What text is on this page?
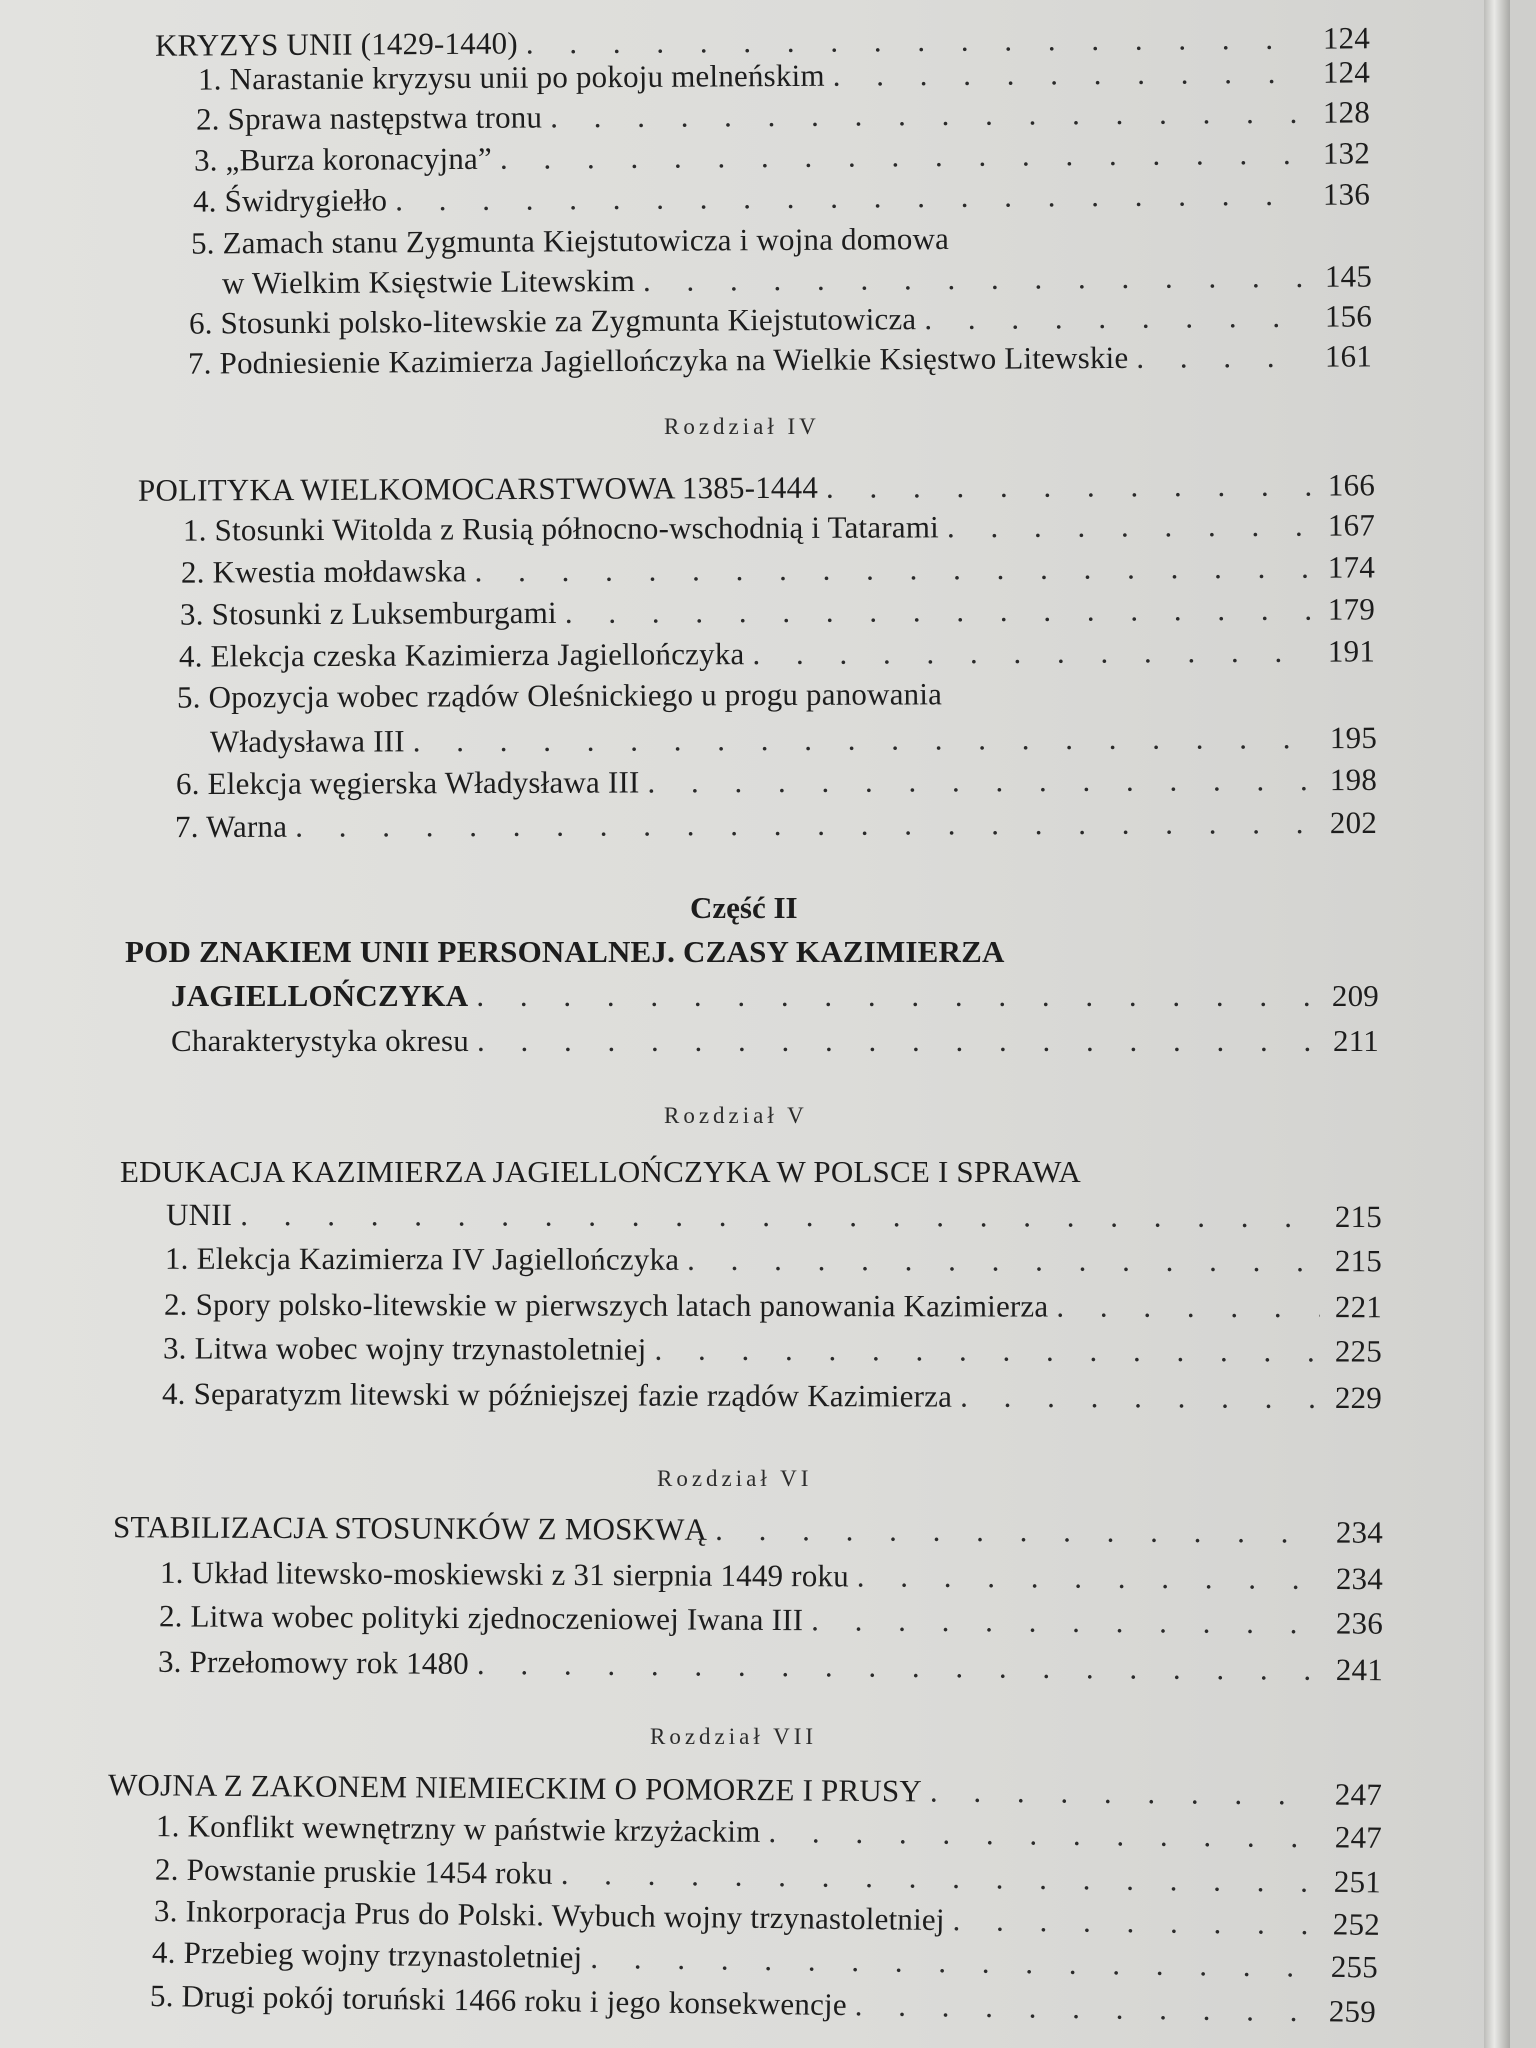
KRYZYS UNII (1429-1440) . . .	124
1. Narastanie kryzysu unii po pokoju melneńskim . . .	124
2. Sprawa następstwa tronu . . .	128
3. „Burza koronacyjna” . . .	132
4. Świdrygiełło . . .	136
5. Zamach stanu Zygmunta Kiejstutowicza i wojna domowa
w Wielkim Księstwie Litewskim . . .	145
6. Stosunki polsko-litewskie za Zygmunta Kiejstutowicza . . .	156
7. Podniesienie Kazimierza Jagiellończyka na Wielkie Księstwo Litewskie . . .	161
Rozdział IV
POLITYKA WIELKOMOCARSTWOWA 1385-1444 . . .	166
1. Stosunki Witolda z Rusią północno-wschodnią i Tatarami . . .	167
2. Kwestia mołdawska . . .	174
3. Stosunki z Luksemburgami . . .	179
4. Elekcja czeska Kazimierza Jagiellończyka . . .	191
5. Opozycja wobec rządów Oleśnickiego u progu panowania
Władysława III . . .	195
6. Elekcja węgierska Władysława III . . .	198
7. Warna . . .	202
Część II
POD ZNAKIEM UNII PERSONALNEJ. CZASY KAZIMIERZA
JAGIELLOŃCZYKA . . .	209
Charakterystyka okresu . . .	211
Rozdział V
EDUKACJA KAZIMIERZA JAGIELLOŃCZYKA W POLSCE I SPRAWA
UNII . . .	215
1. Elekcja Kazimierza IV Jagiellończyka . . .	215
2. Spory polsko-litewskie w pierwszych latach panowania Kazimierza . . .	221
3. Litwa wobec wojny trzynastoletniej . . .	225
4. Separatyzm litewski w późniejszej fazie rządów Kazimierza . . .	229
Rozdział VI
STABILIZACJA STOSUNKÓW Z MOSKWĄ . . .	234
1. Układ litewsko-moskiewski z 31 sierpnia 1449 roku . . .	234
2. Litwa wobec polityki zjednoczeniowej Iwana III . . .	236
3. Przełomowy rok 1480 . . .	241
Rozdział VII
WOJNA Z ZAKONEM NIEMIECKIM O POMORZE I PRUSY . . .	247
1. Konflikt wewnętrzny w państwie krzyżackim . . .	247
2. Powstanie pruskie 1454 roku . . .	251
3. Inkorporacja Prus do Polski. Wybuch wojny trzynastoletniej . . .	252
4. Przebieg wojny trzynastoletniej . . .	255
5. Drugi pokój toruński 1466 roku i jego konsekwencje . . .	259
